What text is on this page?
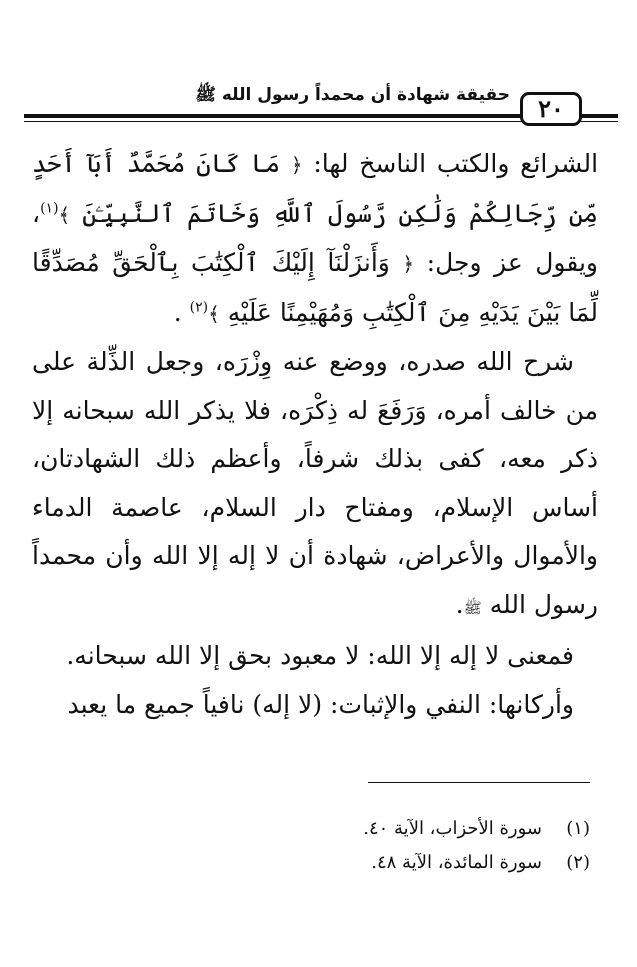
٢٠
حقيقة شهادة أن محمداً رسول الله ﷺ

الشرائع والكتب الناسخ لها: ﴿ مَا كَانَ مُحَمَّدٌ أَبَآ أَحَدٍ مِّن رِّجَالِكُمْ وَلَٰكِن رَّسُولَ ٱللَّهِ وَخَاتَمَ ٱلنَّبِيِّـۧنَ ﴾$^{(١)}$، ويقول عز وجل: ﴿ وَأَنزَلْنَآ إِلَيْكَ ٱلْكِتَٰبَ بِٱلْحَقِّ مُصَدِّقًا لِّمَا بَيْنَ يَدَيْهِ مِنَ ٱلْكِتَٰبِ وَمُهَيْمِنًا عَلَيْهِ ﴾$^{(٢)}$ .

شرح الله صدره، ووضع عنه وِزْرَه، وجعل الذِّلة على من خالف أمره، وَرَفَعَ له ذِكْرَه، فلا يذكر الله سبحانه إلا ذكر معه، كفى بذلك شرفاً، وأعظم ذلك الشهادتان، أساس الإسلام، ومفتاح دار السلام، عاصمة الدماء والأموال والأعراض، شهادة أن لا إله إلا الله وأن محمداً رسول الله ﷺ.

فمعنى لا إله إلا الله: لا معبود بحق إلا الله سبحانه.

وأركانها: النفي والإثبات: (لا إله) نافياً جميع ما يعبد

(١)
سورة الأحزاب، الآية ٤٠.
(٢)
سورة المائدة، الآية ٤٨.
